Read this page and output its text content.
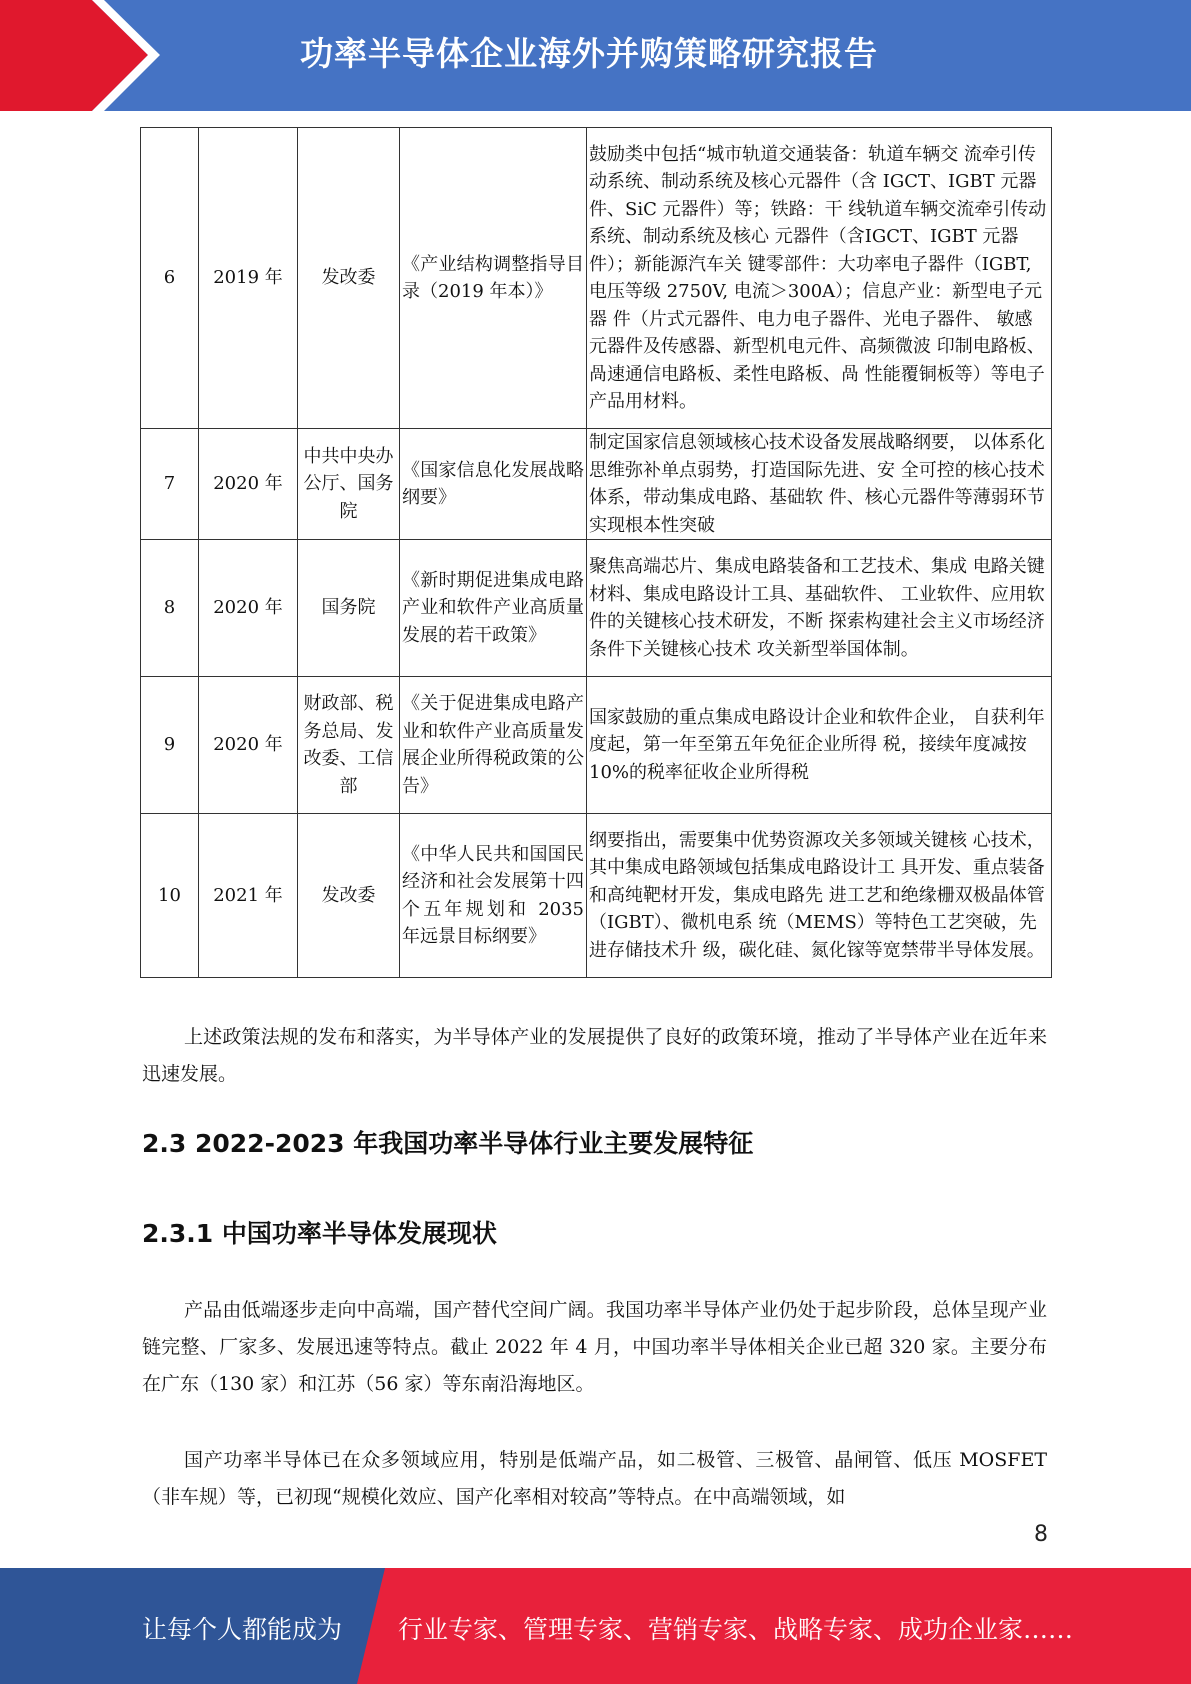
功率半导体企业海外并购策略研究报告
6	2019 年	发改委	《产业结构调整指导目录（2019 年本）》	鼓励类中包括“城市轨道交通装备：轨道车辆交 流牵引传动系统、制动系统及核心元器件（含 IGCT、IGBT 元器件、SiC 元器件）等；铁路：干 线轨道车辆交流牵引传动系统、制动系统及核心 元器件（含IGCT、IGBT 元器件）；新能源汽车关 键零部件：大功率电子器件（IGBT, 电压等级 2750V, 电流＞300A）；信息产业：新型电子元器 件（片式元器件、电力电子器件、光电子器件、 敏感元器件及传感器、新型机电元件、高频微波 印制电路板、咼速通信电路板、柔性电路板、咼 性能覆铜板等）等电子产品用材料。
7	2020 年	中共中央办公厅、国务院	《国家信息化发展战略纲要》	制定国家信息领域核心技术设备发展战略纲要， 以体系化思维弥补单点弱势，打造国际先进、安 全可控的核心技术体系，带动集成电路、基础软 件、核心元器件等薄弱环节实现根本性突破
8	2020 年	国务院	《新时期促进集成电路产业和软件产业高质量发展的若干政策》	聚焦高端芯片、集成电路装备和工艺技术、集成 电路关键材料、集成电路设计工具、基础软件、 工业软件、应用软件的关键核心技术研发，不断 探索构建社会主义市场经济条件下关键核心技术 攻关新型举国体制。
9	2020 年	财政部、税务总局、发改委、工信部	《关于促进集成电路产业和软件产业高质量发展企业所得税政策的公告》	国家鼓励的重点集成电路设计企业和软件企业， 自获利年度起，第一年至第五年免征企业所得 税，接续年度减按 10%的税率征收企业所得税
10	2021 年	发改委	《中华人民共和国国民经济和社会发展第十四个五年规划和 2035 年远景目标纲要》	纲要指出，需要集中优势资源攻关多领域关键核 心技术，其中集成电路领域包括集成电路设计工 具开发、重点装备和高纯靶材开发，集成电路先 进工艺和绝缘栅双极晶体管（IGBT）、微机电系 统（MEMS）等特色工艺突破，先进存储技术升 级，碳化硅、氮化镓等宽禁带半导体发展。

上述政策法规的发布和落实，为半导体产业的发展提供了良好的政策环境，推动了半导体产业在近年来迅速发展。

2.3 2022-2023 年我国功率半导体行业主要发展特征
2.3.1 中国功率半导体发展现状

产品由低端逐步走向中高端，国产替代空间广阔。我国功率半导体产业仍处于起步阶段，总体呈现产业链完整、厂家多、发展迅速等特点。截止 2022 年 4 月，中国功率半导体相关企业已超 320 家。主要分布在广东（130 家）和江苏（56 家）等东南沿海地区。

国产功率半导体已在众多领域应用，特别是低端产品，如二极管、三极管、晶闸管、低压 MOSFET（非车规）等，已初现“规模化效应、国产化率相对较高”等特点。在中高端领域，如

8
让每个人都能成为 行业专家、管理专家、营销专家、战略专家、成功企业家……
